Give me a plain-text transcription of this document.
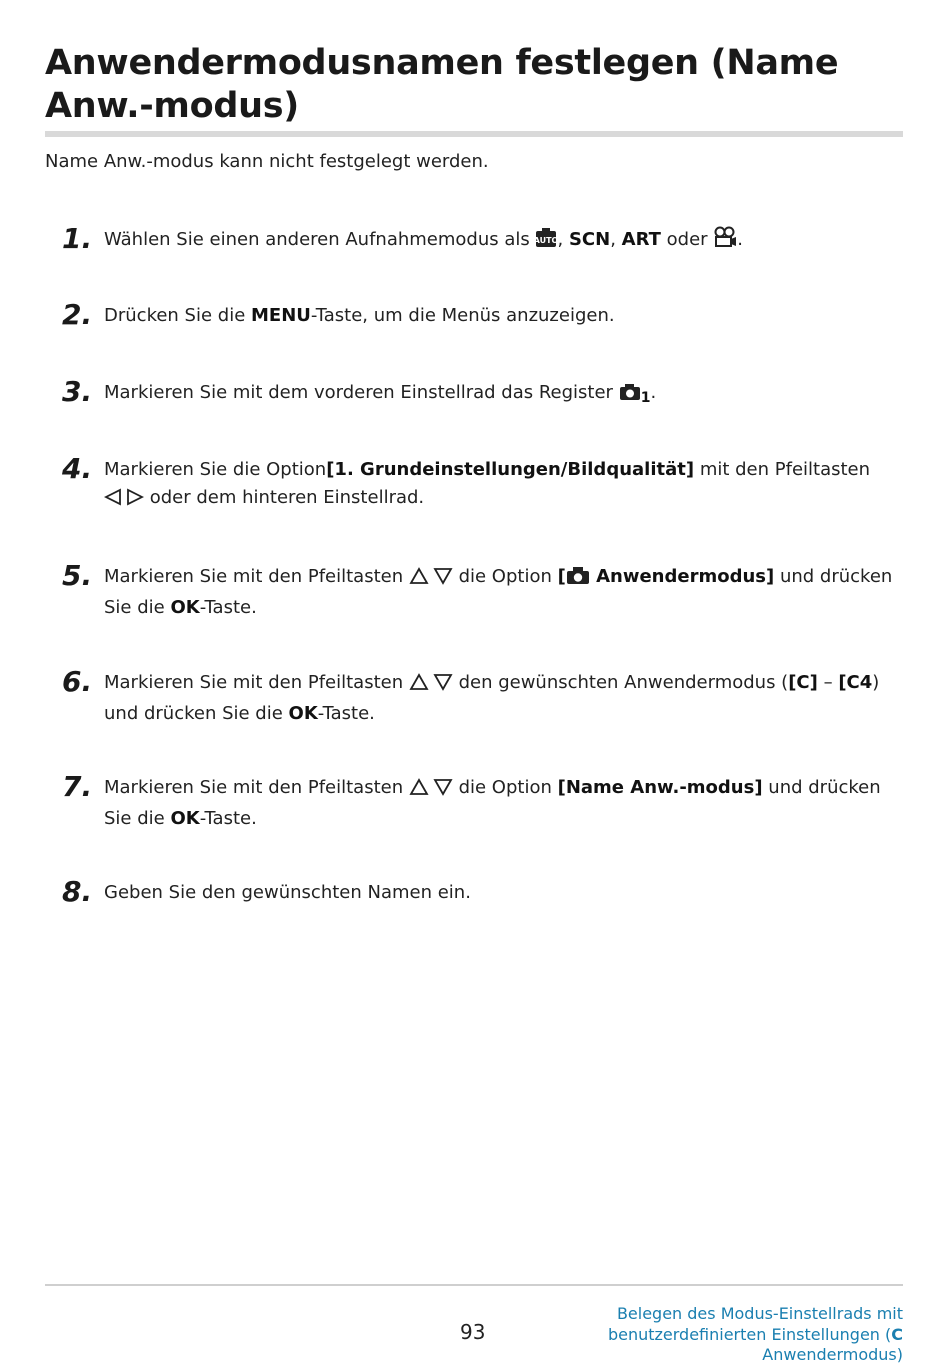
Anwendermodusnamen festlegen (Name Anw.-modus)
Name Anw.-modus kann nicht festgelegt werden.
1. Wählen Sie einen anderen Aufnahmemodus als
AUTO
, SCN, ART oder .
2. Drücken Sie die MENU-Taste, um die Menüs anzuzeigen.
3. Markieren Sie mit dem vorderen Einstellrad das Register $_1$.
4. Markieren Sie die Option[1. Grundeinstellungen/Bildqualität] mit den Pfeiltasten  oder dem hinteren Einstellrad.
5. Markieren Sie mit den Pfeiltasten  die Option [ Anwendermodus] und drücken Sie die OK-Taste.
6. Markieren Sie mit den Pfeiltasten  den gewünschten Anwendermodus ([C] – [C4) und drücken Sie die OK-Taste.
7. Markieren Sie mit den Pfeiltasten  die Option [Name Anw.-modus] und drücken Sie die OK-Taste.
8. Geben Sie den gewünschten Namen ein.
93
Belegen des Modus-Einstellrads mit
benutzerdefinierten Einstellungen (C
Anwendermodus)
